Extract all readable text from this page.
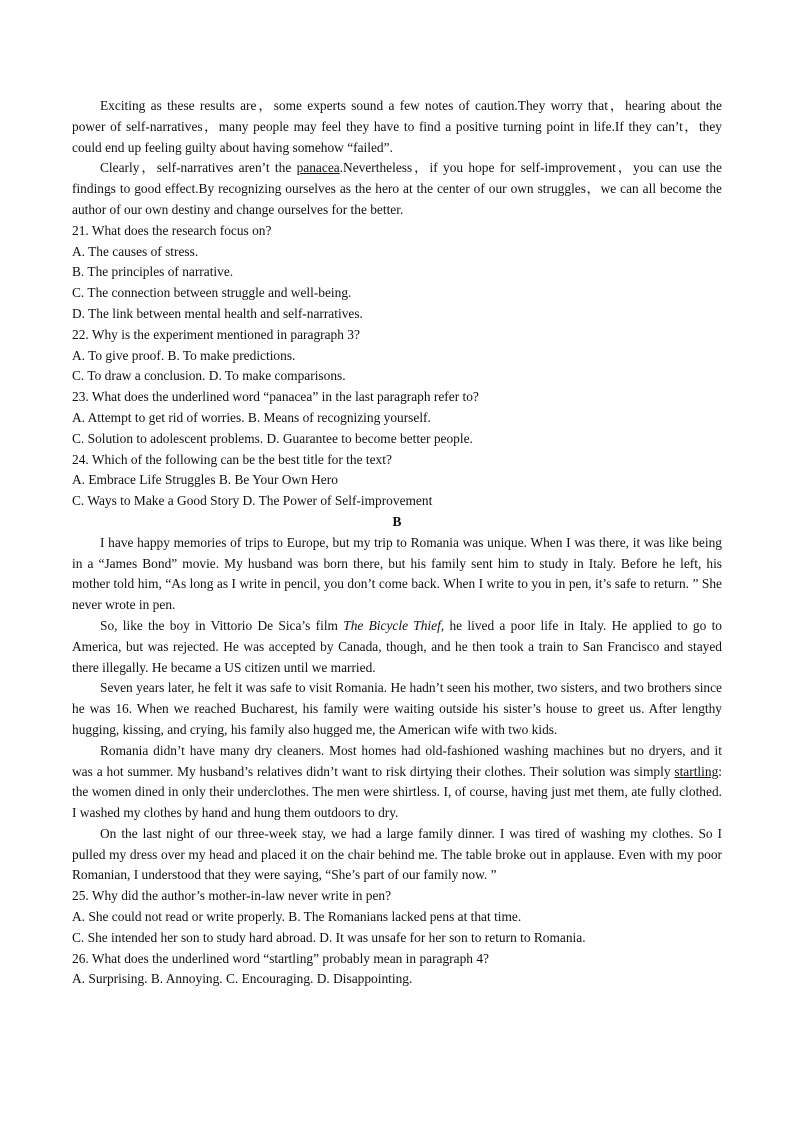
Exciting as these results are，some experts sound a few notes of caution.They worry that，hearing about the power of self-narratives，many people may feel they have to find a positive turning point in life.If they can’t，they could end up feeling guilty about having somehow “failed”.

Clearly，self-narratives aren’t the panacea.Nevertheless，if you hope for self-improvement，you can use the findings to good effect.By recognizing ourselves as the hero at the center of our own struggles，we can all become the author of our own destiny and change ourselves for the better.

21. What does the research focus on?

A. The causes of stress.

B. The principles of narrative.

C. The connection between struggle and well-being.

D. The link between mental health and self-narratives.

22. Why is the experiment mentioned in paragraph 3?

A. To give proof. B. To make predictions.

C. To draw a conclusion. D. To make comparisons.

23. What does the underlined word “panacea” in the last paragraph refer to?

A. Attempt to get rid of worries. B. Means of recognizing yourself.

C. Solution to adolescent problems. D. Guarantee to become better people.

24. Which of the following can be the best title for the text?

A. Embrace Life Struggles B. Be Your Own Hero

C. Ways to Make a Good Story D. The Power of Self-improvement

B

I have happy memories of trips to Europe, but my trip to Romania was unique. When I was there, it was like being in a “James Bond” movie. My husband was born there, but his family sent him to study in Italy. Before he left, his mother told him, “As long as I write in pencil, you don’t come back. When I write to you in pen, it’s safe to return. ” She never wrote in pen.

So, like the boy in Vittorio De Sica’s film The Bicycle Thief, he lived a poor life in Italy. He applied to go to America, but was rejected. He was accepted by Canada, though, and he then took a train to San Francisco and stayed there illegally. He became a US citizen until we married.

Seven years later, he felt it was safe to visit Romania. He hadn’t seen his mother, two sisters, and two brothers since he was 16. When we reached Bucharest, his family were waiting outside his sister’s house to greet us. After lengthy hugging, kissing, and crying, his family also hugged me, the American wife with two kids.

Romania didn’t have many dry cleaners. Most homes had old-fashioned washing machines but no dryers, and it was a hot summer. My husband’s relatives didn’t want to risk dirtying their clothes. Their solution was simply startling: the women dined in only their underclothes. The men were shirtless. I, of course, having just met them, ate fully clothed. I washed my clothes by hand and hung them outdoors to dry.

On the last night of our three-week stay, we had a large family dinner. I was tired of washing my clothes. So I pulled my dress over my head and placed it on the chair behind me. The table broke out in applause. Even with my poor Romanian, I understood that they were saying, “She’s part of our family now. ”

25. Why did the author’s mother-in-law never write in pen?

A. She could not read or write properly. B. The Romanians lacked pens at that time.

C. She intended her son to study hard abroad. D. It was unsafe for her son to return to Romania.

26. What does the underlined word “startling” probably mean in paragraph 4?

A. Surprising. B. Annoying. C. Encouraging. D. Disappointing.
